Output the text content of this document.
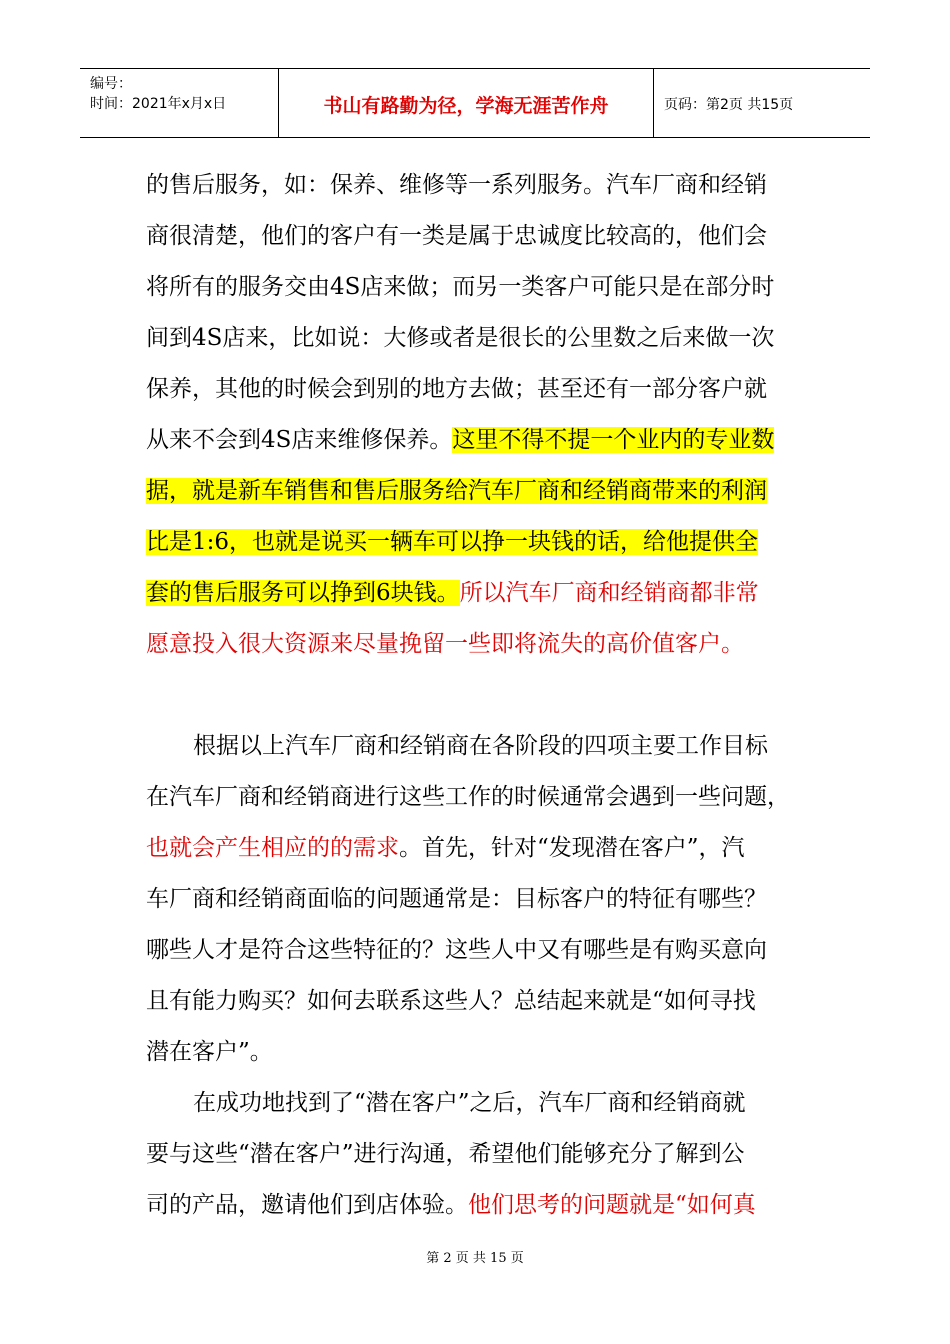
编号：
时间：2021年x月x日	书山有路勤为径，学海无涯苦作舟	页码：第2页 共15页
的售后服务，如：保养、维修等一系列服务。汽车厂商和经销
商很清楚，他们的客户有一类是属于忠诚度比较高的，他们会
将所有的服务交由4S店来做；而另一类客户可能只是在部分时
间到4S店来，比如说：大修或者是很长的公里数之后来做一次
保养，其他的时候会到别的地方去做；甚至还有一部分客户就
从来不会到4S店来维修保养。这里不得不提一个业内的专业数
据，就是新车销售和售后服务给汽车厂商和经销商带来的利润
比是1:6，也就是说买一辆车可以挣一块钱的话，给他提供全
套的售后服务可以挣到6块钱。所以汽车厂商和经销商都非常
愿意投入很大资源来尽量挽留一些即将流失的高价值客户。
根据以上汽车厂商和经销商在各阶段的四项主要工作目标
在汽车厂商和经销商进行这些工作的时候通常会遇到一些问题，
也就会产生相应的的需求。首先，针对“发现潜在客户”，汽
车厂商和经销商面临的问题通常是：目标客户的特征有哪些？
哪些人才是符合这些特征的？这些人中又有哪些是有购买意向
且有能力购买？如何去联系这些人？总结起来就是“如何寻找
潜在客户”。
在成功地找到了“潜在客户”之后，汽车厂商和经销商就
要与这些“潜在客户”进行沟通，希望他们能够充分了解到公
司的产品，邀请他们到店体验。他们思考的问题就是“如何真
第 2 页 共 15 页
